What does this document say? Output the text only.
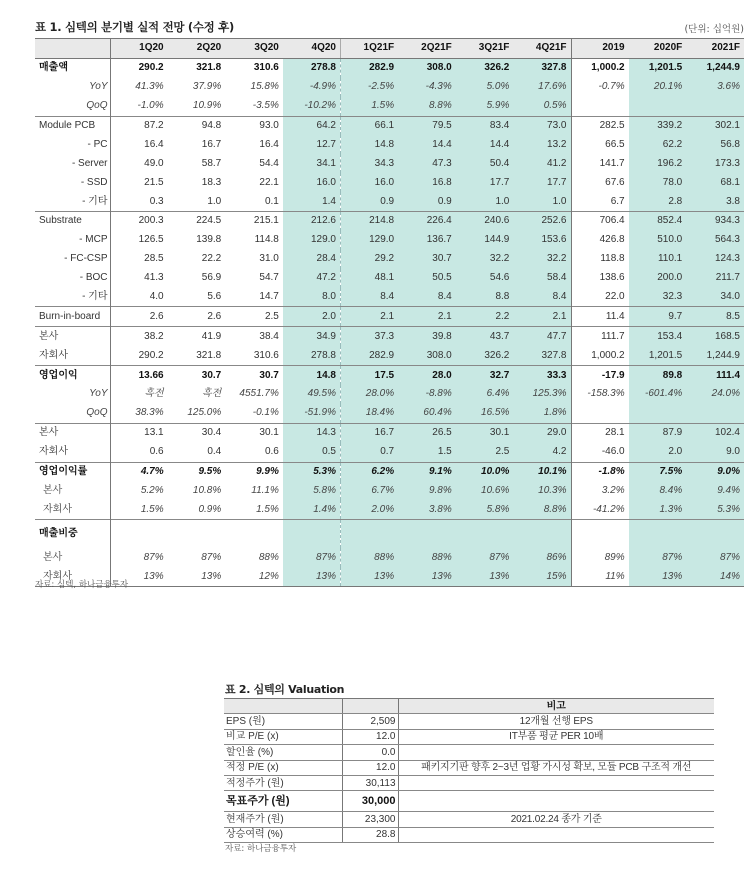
표 1. 심텍의 분기별 실적 전망 (수정 후)	(단위: 십억원)
	1Q20	2Q20	3Q20	4Q20	1Q21F	2Q21F	3Q21F	4Q21F	2019	2020F	2021F
매출액	290.2	321.8	310.6	278.8	282.9	308.0	326.2	327.8	1,000.2	1,201.5	1,244.9
YoY	41.3%	37.9%	15.8%	-4.9%	-2.5%	-4.3%	5.0%	17.6%	-0.7%	20.1%	3.6%
QoQ	-1.0%	10.9%	-3.5%	-10.2%	1.5%	8.8%	5.9%	0.5%			
Module PCB	87.2	94.8	93.0	64.2	66.1	79.5	83.4	73.0	282.5	339.2	302.1
- PC	16.4	16.7	16.4	12.7	14.8	14.4	14.4	13.2	66.5	62.2	56.8
- Server	49.0	58.7	54.4	34.1	34.3	47.3	50.4	41.2	141.7	196.2	173.3
- SSD	21.5	18.3	22.1	16.0	16.0	16.8	17.7	17.7	67.6	78.0	68.1
- 기타	0.3	1.0	0.1	1.4	0.9	0.9	1.0	1.0	6.7	2.8	3.8
Substrate	200.3	224.5	215.1	212.6	214.8	226.4	240.6	252.6	706.4	852.4	934.3
- MCP	126.5	139.8	114.8	129.0	129.0	136.7	144.9	153.6	426.8	510.0	564.3
- FC-CSP	28.5	22.2	31.0	28.4	29.2	30.7	32.2	32.2	118.8	110.1	124.3
- BOC	41.3	56.9	54.7	47.2	48.1	50.5	54.6	58.4	138.6	200.0	211.7
- 기타	4.0	5.6	14.7	8.0	8.4	8.4	8.8	8.4	22.0	32.3	34.0
Burn-in-board	2.6	2.6	2.5	2.0	2.1	2.1	2.2	2.1	11.4	9.7	8.5
본사	38.2	41.9	38.4	34.9	37.3	39.8	43.7	47.7	111.7	153.4	168.5
자회사	290.2	321.8	310.6	278.8	282.9	308.0	326.2	327.8	1,000.2	1,201.5	1,244.9
영업이익	13.66	30.7	30.7	14.8	17.5	28.0	32.7	33.3	-17.9	89.8	111.4
YoY	흑전	흑전	4551.7%	49.5%	28.0%	-8.8%	6.4%	125.3%	-158.3%	-601.4%	24.0%
QoQ	38.3%	125.0%	-0.1%	-51.9%	18.4%	60.4%	16.5%	1.8%			
본사	13.1	30.4	30.1	14.3	16.7	26.5	30.1	29.0	28.1	87.9	102.4
자회사	0.6	0.4	0.6	0.5	0.7	1.5	2.5	4.2	-46.0	2.0	9.0
영업이익률	4.7%	9.5%	9.9%	5.3%	6.2%	9.1%	10.0%	10.1%	-1.8%	7.5%	9.0%
본사	5.2%	10.8%	11.1%	5.8%	6.7%	9.8%	10.6%	10.3%	3.2%	8.4%	9.4%
자회사	1.5%	0.9%	1.5%	1.4%	2.0%	3.8%	5.8%	8.8%	-41.2%	1.3%	5.3%
매출비중											
본사	87%	87%	88%	87%	88%	88%	87%	86%	89%	87%	87%
자회사	13%	13%	12%	13%	13%	13%	13%	15%	11%	13%	14%
자료: 심텍, 하나금융투자
표 2. 심텍의 Valuation
		비고
EPS (원)	2,509	12개월 선행 EPS
비교 P/E (x)	12.0	IT부품 평균 PER 10배
할인율 (%)	0.0	
적정 P/E (x)	12.0	패키지기판 향후 2~3년 업황 가시성 확보, 모듈 PCB 구조적 개선
적정주가 (원)	30,113	
목표주가 (원)	30,000	
현재주가 (원)	23,300	2021.02.24 종가 기준
상승여력 (%)	28.8	
자료: 하나금융투자
